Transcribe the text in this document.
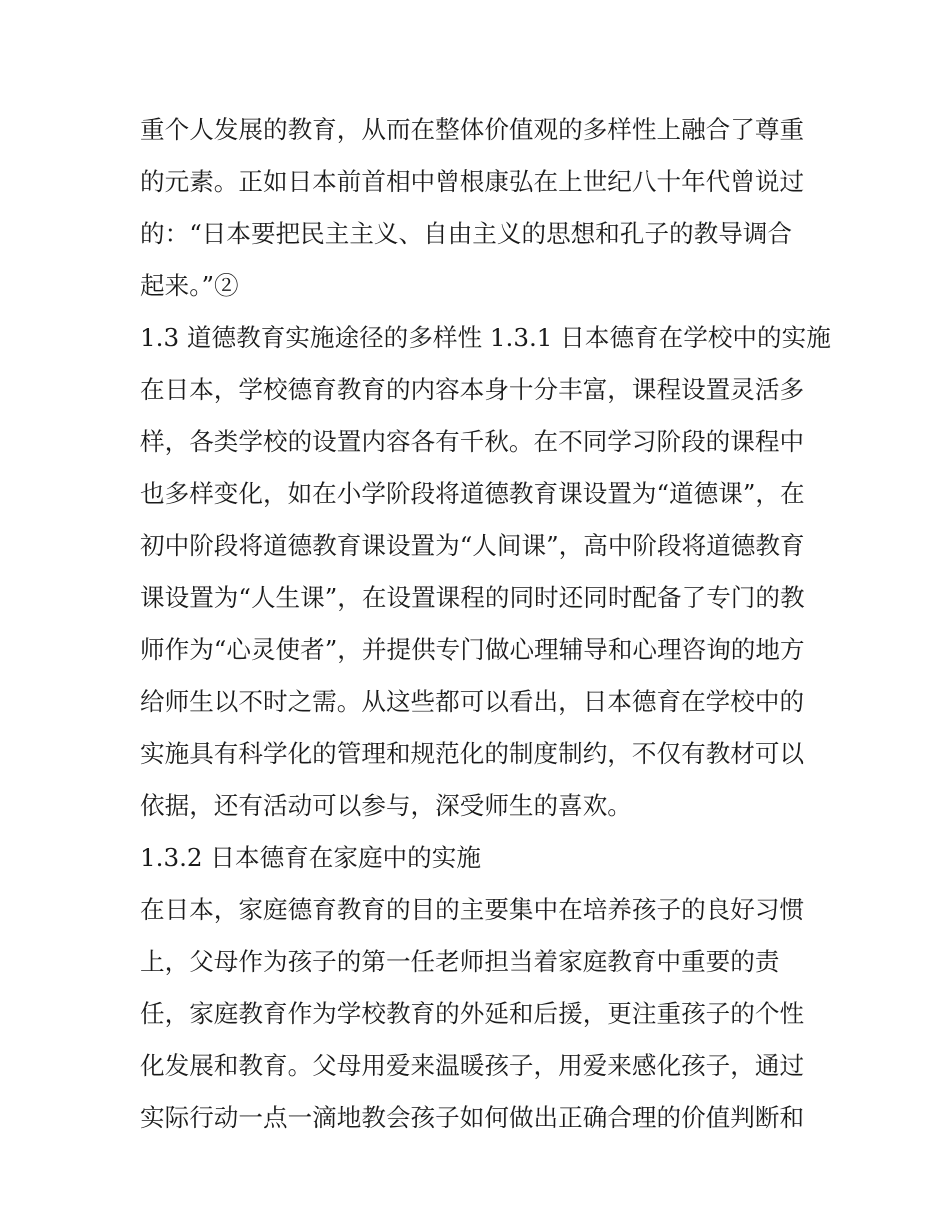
重个人发展的教育，从而在整体价值观的多样性上融合了尊重
的元素。正如日本前首相中曾根康弘在上世纪八十年代曾说过
的：“日本要把民主主义、自由主义的思想和孔子的教导调合
起来。”②
1.3 道德教育实施途径的多样性 1.3.1 日本德育在学校中的实施
在日本，学校德育教育的内容本身十分丰富，课程设置灵活多
样，各类学校的设置内容各有千秋。在不同学习阶段的课程中
也多样变化，如在小学阶段将道德教育课设置为“道德课”，在
初中阶段将道德教育课设置为“人间课”，高中阶段将道德教育
课设置为“人生课”，在设置课程的同时还同时配备了专门的教
师作为“心灵使者”，并提供专门做心理辅导和心理咨询的地方
给师生以不时之需。从这些都可以看出，日本德育在学校中的
实施具有科学化的管理和规范化的制度制约，不仅有教材可以
依据，还有活动可以参与，深受师生的喜欢。
1.3.2 日本德育在家庭中的实施
在日本，家庭德育教育的目的主要集中在培养孩子的良好习惯
上，父母作为孩子的第一任老师担当着家庭教育中重要的责
任，家庭教育作为学校教育的外延和后援，更注重孩子的个性
化发展和教育。父母用爱来温暖孩子，用爱来感化孩子，通过
实际行动一点一滴地教会孩子如何做出正确合理的价值判断和
